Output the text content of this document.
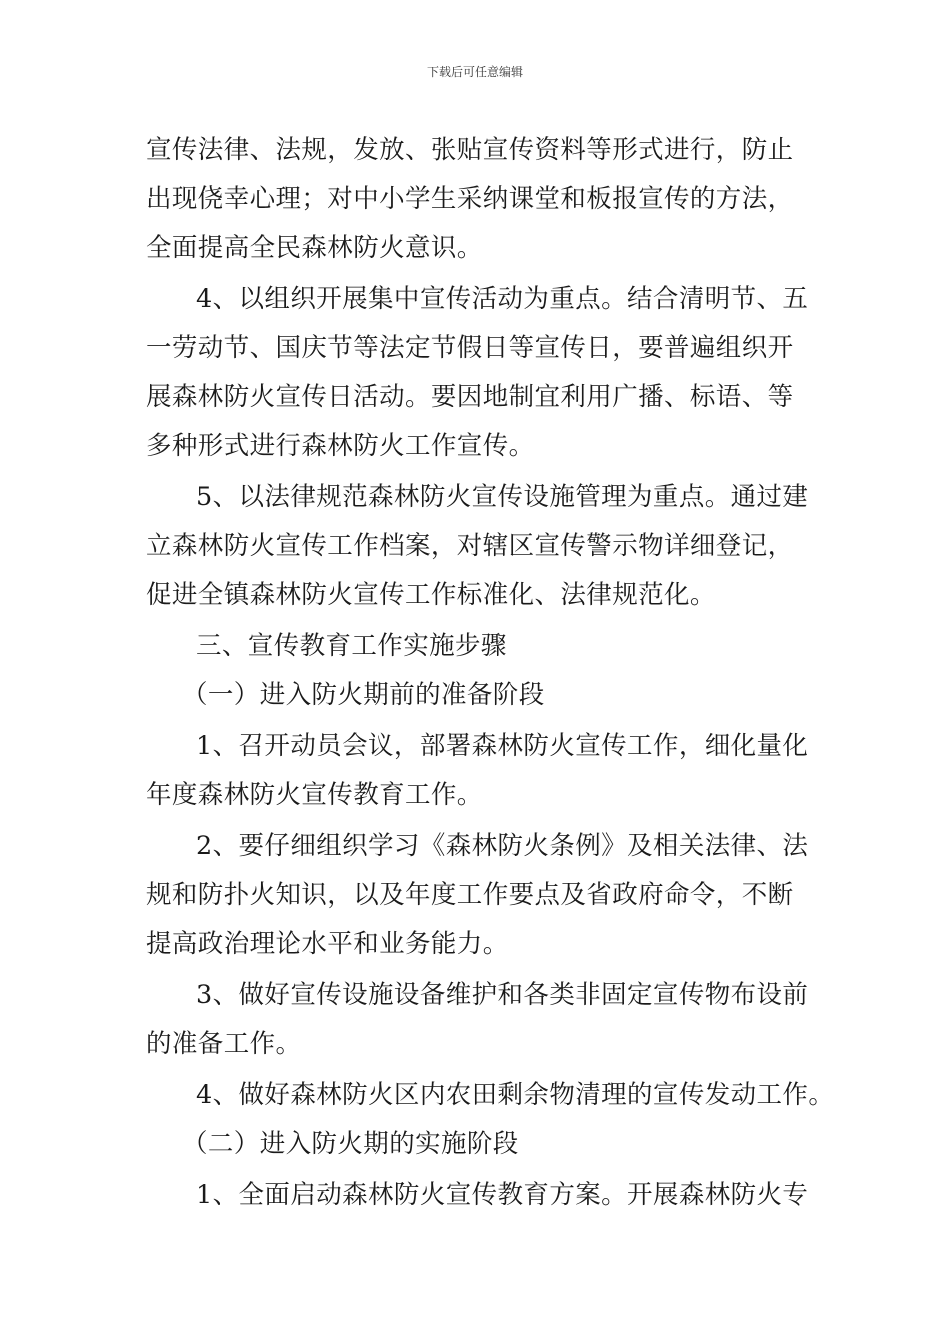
下载后可任意编辑
宣传法律、法规，发放、张贴宣传资料等形式进行，防止
出现侥幸心理；对中小学生采纳课堂和板报宣传的方法，
全面提高全民森林防火意识。
4、以组织开展集中宣传活动为重点。结合清明节、五
一劳动节、国庆节等法定节假日等宣传日，要普遍组织开
展森林防火宣传日活动。要因地制宜利用广播、标语、等
多种形式进行森林防火工作宣传。
5、以法律规范森林防火宣传设施管理为重点。通过建
立森林防火宣传工作档案，对辖区宣传警示物详细登记，
促进全镇森林防火宣传工作标准化、法律规范化。
三、宣传教育工作实施步骤
（一）进入防火期前的准备阶段
1、召开动员会议，部署森林防火宣传工作，细化量化
年度森林防火宣传教育工作。
2、要仔细组织学习《森林防火条例》及相关法律、法
规和防扑火知识，以及年度工作要点及省政府命令，不断
提高政治理论水平和业务能力。
3、做好宣传设施设备维护和各类非固定宣传物布设前
的准备工作。
4、做好森林防火区内农田剩余物清理的宣传发动工作。
（二）进入防火期的实施阶段
1、全面启动森林防火宣传教育方案。开展森林防火专
